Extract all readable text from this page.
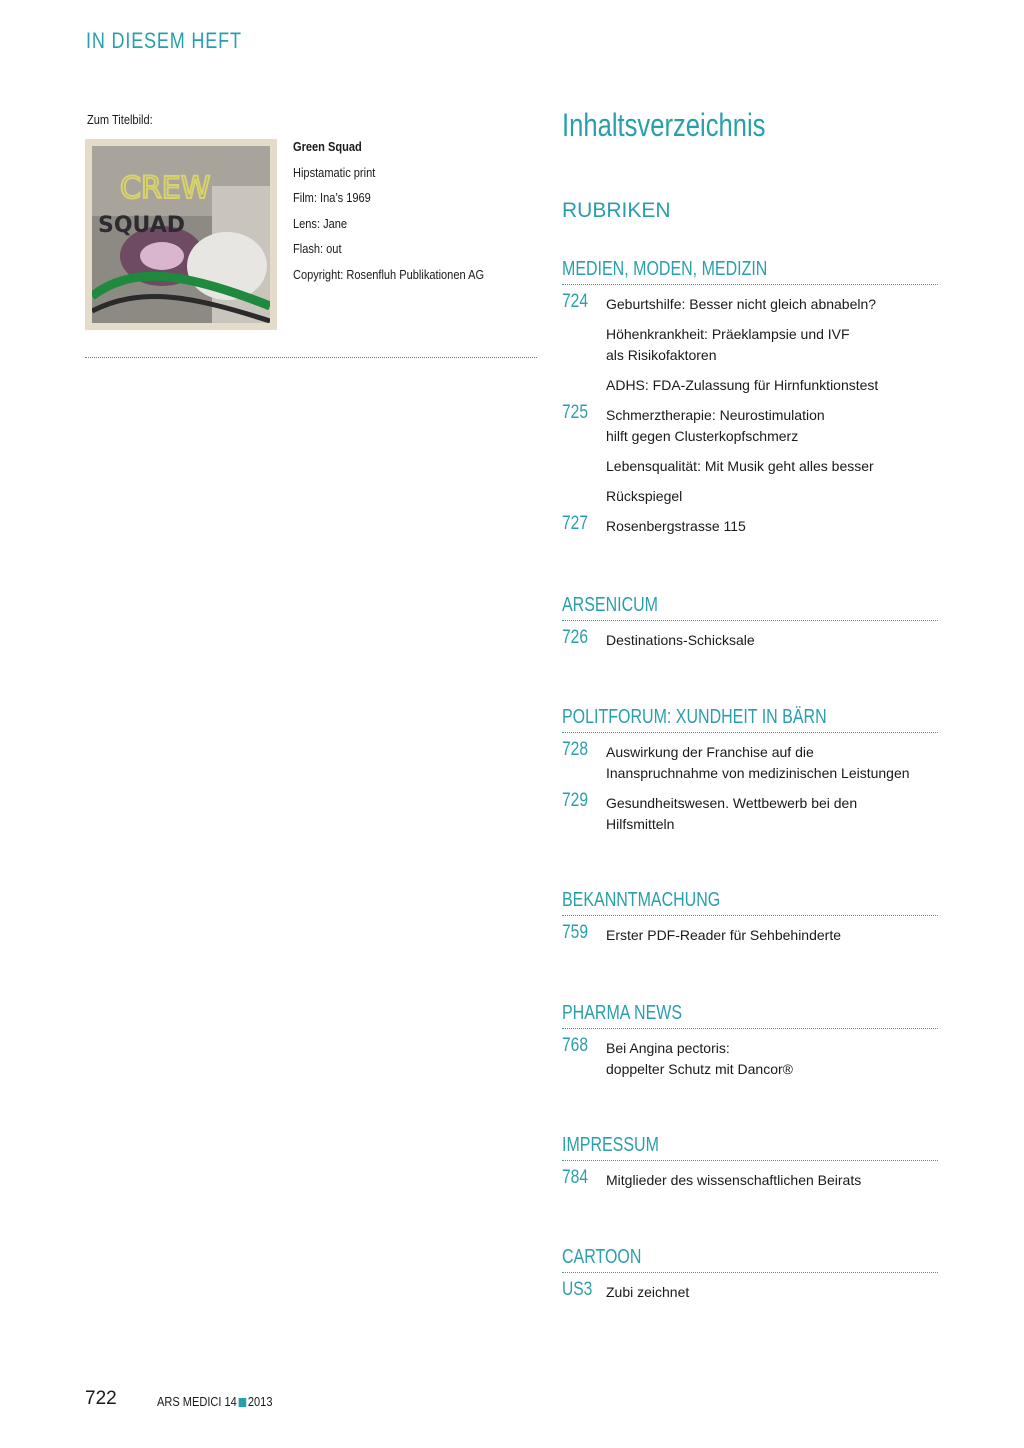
IN DIESEM HEFT
Zum Titelbild:
CREW
SQUAD
Green Squad
Hipstamatic print
Film: Ina’s 1969
Lens: Jane
Flash: out
Copyright: Rosenfluh Publikationen AG
Inhaltsverzeichnis
RUBRIKEN
MEDIEN, MODEN, MEDIZIN
724 Geburtshilfe: Besser nicht gleich abnabeln?
Höhenkrankheit: Präeklampsie und IVF
als Risikofaktoren
ADHS: FDA-Zulassung für Hirnfunktionstest
725 Schmerztherapie: Neurostimulation
hilft gegen Clusterkopfschmerz
Lebensqualität: Mit Musik geht alles besser
Rückspiegel
727 Rosenbergstrasse 115
ARSENICUM
726 Destinations-Schicksale
POLITFORUM: XUNDHEIT IN BÄRN
728 Auswirkung der Franchise auf die
Inanspruchnahme von medizinischen Leistungen
729 Gesundheitswesen. Wettbewerb bei den
Hilfsmitteln
BEKANNTMACHUNG
759 Erster PDF-Reader für Sehbehinderte
PHARMA NEWS
768 Bei Angina pectoris:
doppelter Schutz mit Dancor®
IMPRESSUM
784 Mitglieder des wissenschaftlichen Beirats
CARTOON
US3 Zubi zeichnet
722	ARS MEDICI 14 2013
